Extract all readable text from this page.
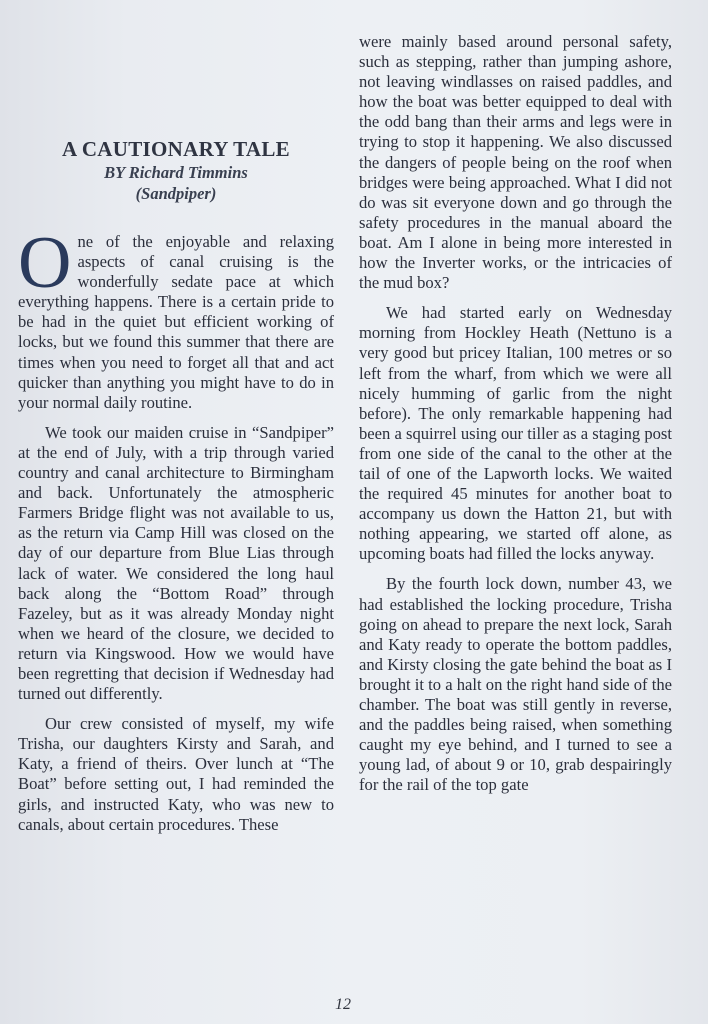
A CAUTIONARY TALE

BY Richard Timmins

(Sandpiper)

One of the enjoyable and relaxing aspects of canal cruising is the wonderfully sedate pace at which everything happens. There is a certain pride to be had in the quiet but efficient working of locks, but we found this summer that there are times when you need to forget all that and act quicker than anything you might have to do in your normal daily routine.

We took our maiden cruise in “Sandpiper” at the end of July, with a trip through varied country and canal architecture to Birmingham and back. Unfortunately the atmospheric Farmers Bridge flight was not available to us, as the return via Camp Hill was closed on the day of our departure from Blue Lias through lack of water. We considered the long haul back along the “Bottom Road” through Fazeley, but as it was already Monday night when we heard of the closure, we decided to return via Kingswood. How we would have been regretting that decision if Wednesday had turned out differently.

Our crew consisted of myself, my wife Trisha, our daughters Kirsty and Sarah, and Katy, a friend of theirs. Over lunch at “The Boat” before setting out, I had reminded the girls, and instructed Katy, who was new to canals, about certain procedures. These

were mainly based around personal safety, such as stepping, rather than jumping ashore, not leaving windlasses on raised paddles, and how the boat was better equipped to deal with the odd bang than their arms and legs were in trying to stop it happening. We also discussed the dangers of people being on the roof when bridges were being approached. What I did not do was sit everyone down and go through the safety procedures in the manual aboard the boat. Am I alone in being more interested in how the Inverter works, or the intricacies of the mud box?

We had started early on Wednesday morning from Hockley Heath (Nettuno is a very good but pricey Italian, 100 metres or so left from the wharf, from which we were all nicely humming of garlic from the night before). The only remarkable happening had been a squirrel using our tiller as a staging post from one side of the canal to the other at the tail of one of the Lapworth locks. We waited the required 45 minutes for another boat to accompany us down the Hatton 21, but with nothing appearing, we started off alone, as upcoming boats had filled the locks anyway.

By the fourth lock down, number 43, we had established the locking procedure, Trisha going on ahead to prepare the next lock, Sarah and Katy ready to operate the bottom paddles, and Kirsty closing the gate behind the boat as I brought it to a halt on the right hand side of the chamber. The boat was still gently in reverse, and the paddles being raised, when something caught my eye behind, and I turned to see a young lad, of about 9 or 10, grab despairingly for the rail of the top gate

12
